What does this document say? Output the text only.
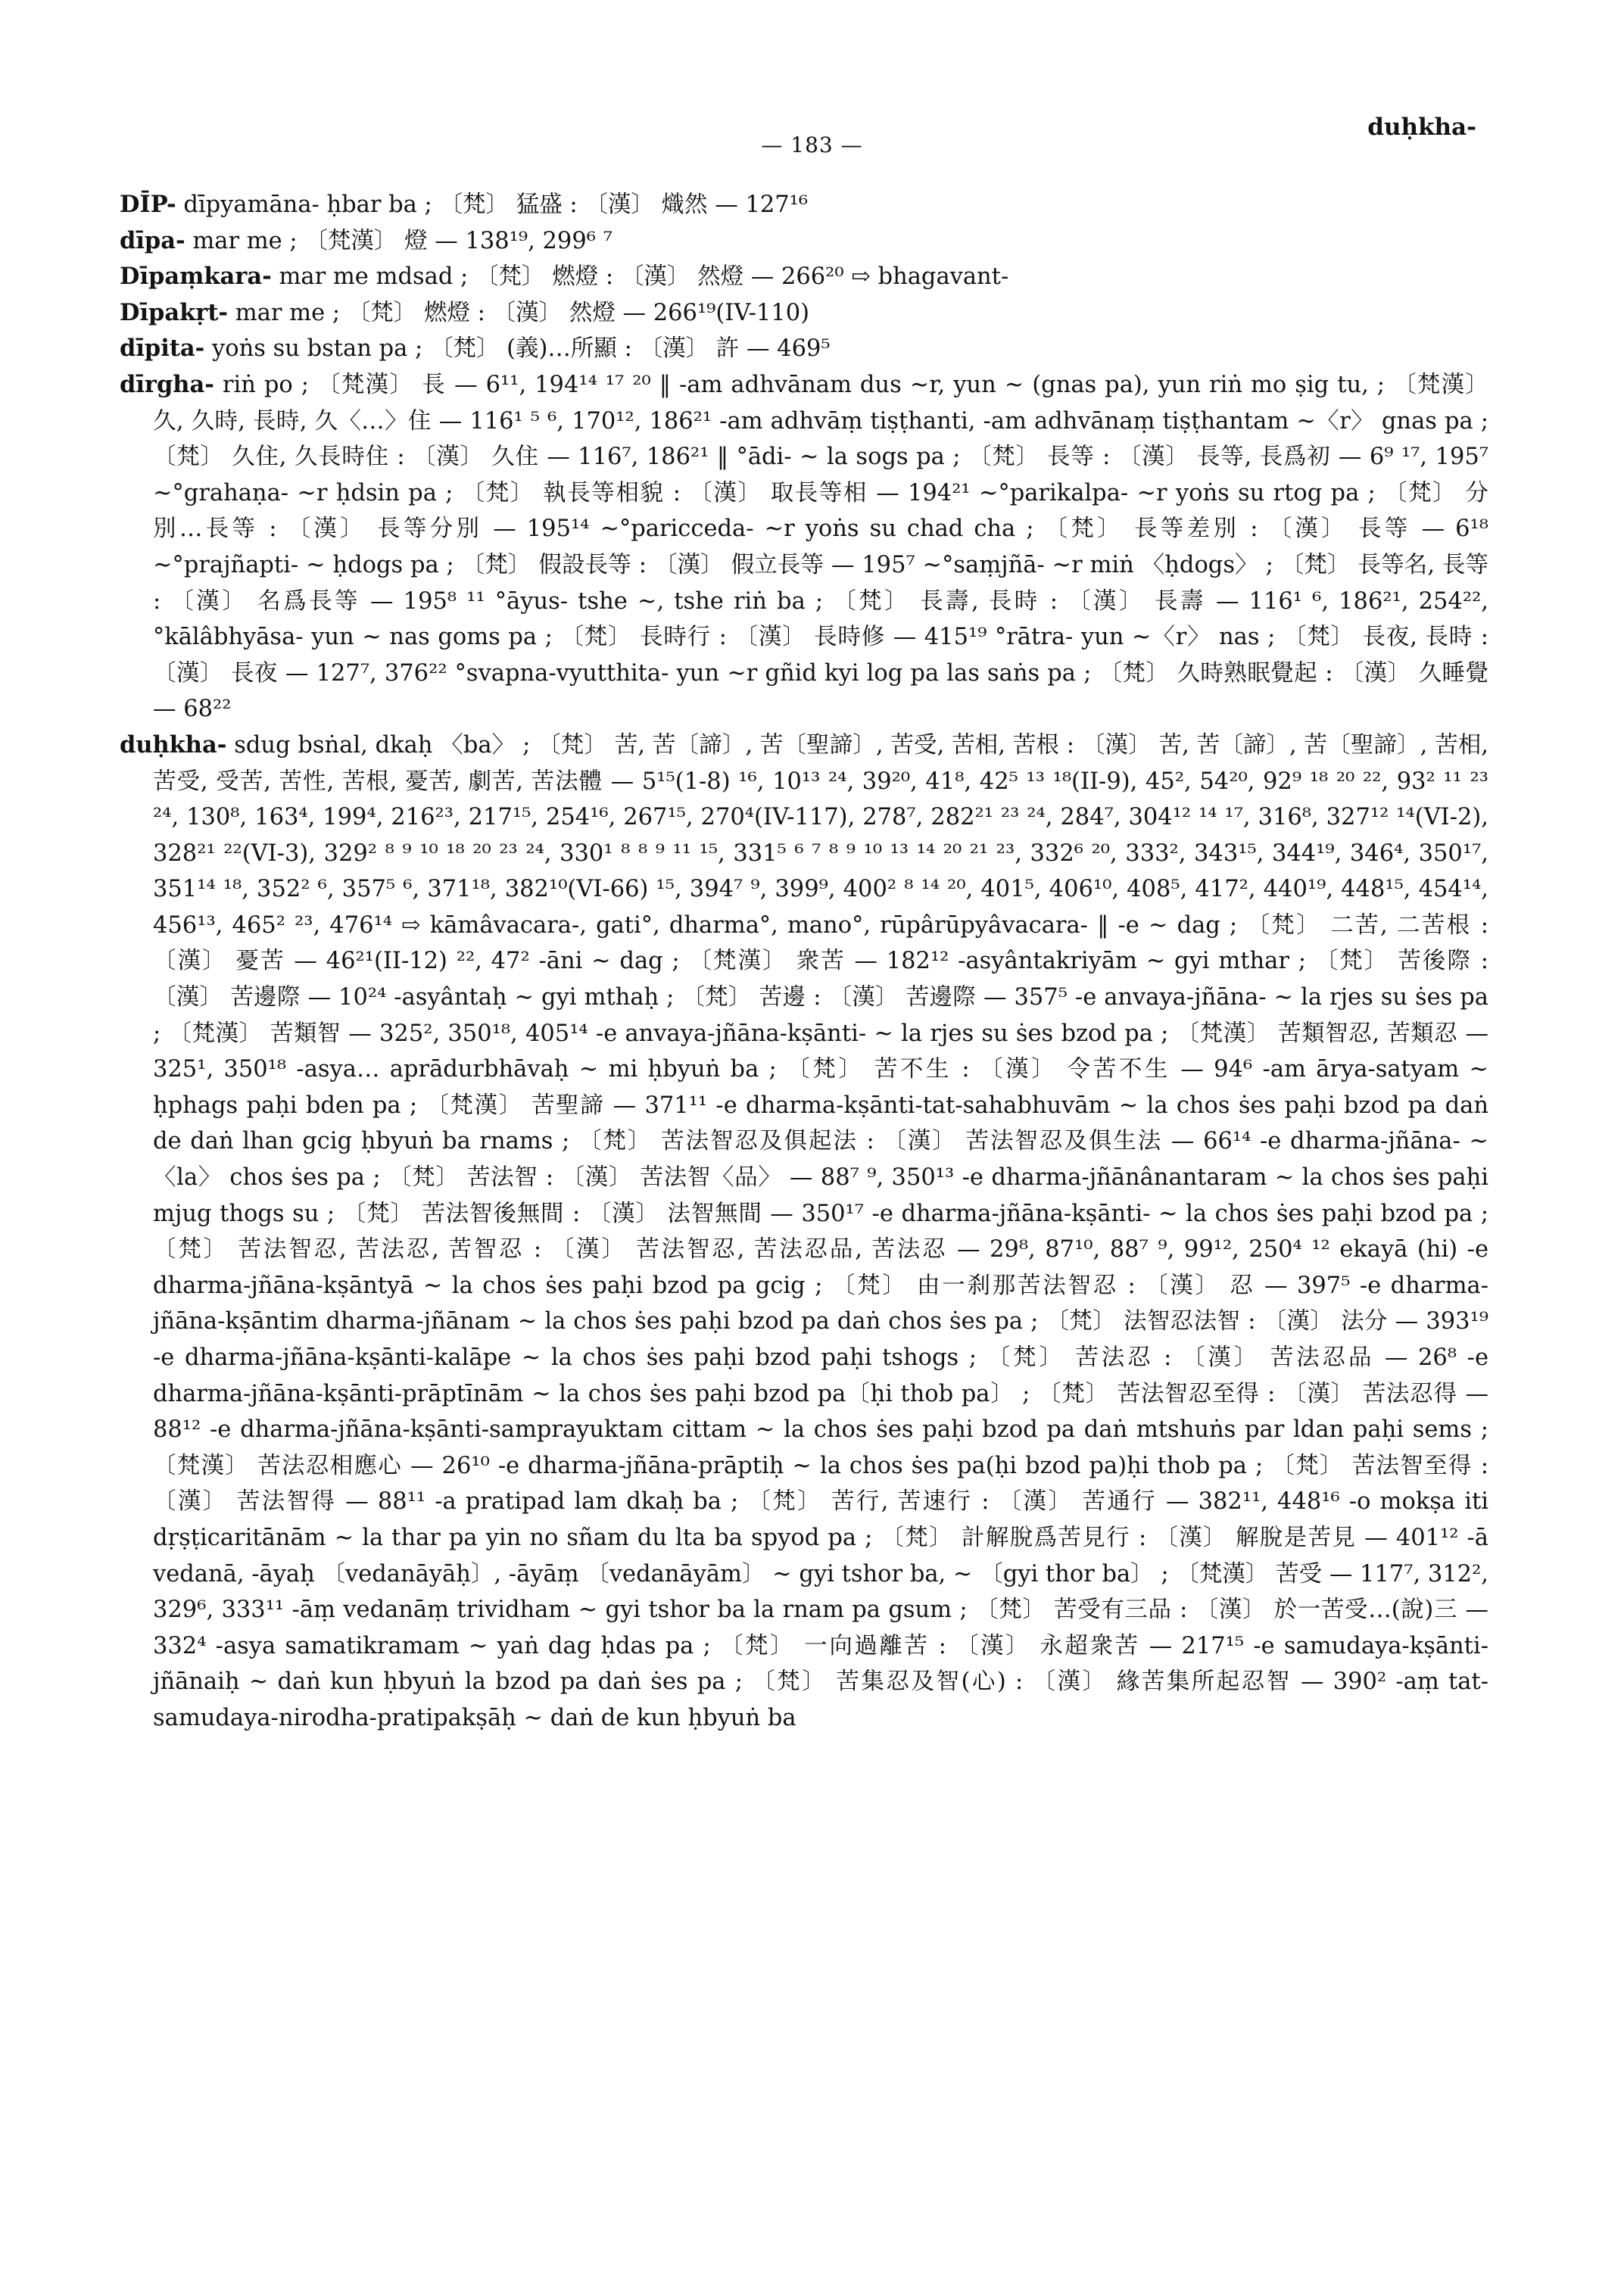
— 183 —
duḥkha-

DĪP- dīpyamāna- ḥbar ba ; 〔梵〕 猛盛 : 〔漢〕 熾然 — 127¹⁶

dīpa- mar me ; 〔梵漢〕 燈 — 138¹⁹, 299⁶ ⁷

Dīpaṃkara- mar me mdsad ; 〔梵〕 燃燈 : 〔漢〕 然燈 — 266²⁰ ⇨ bhagavant-

Dīpakṛt- mar me ; 〔梵〕 燃燈 : 〔漢〕 然燈 — 266¹⁹(IV-110)

dīpita- yoṅs su bstan pa ; 〔梵〕 (義)…所顯 : 〔漢〕 許 — 469⁵

dīrgha- riṅ po ; 〔梵漢〕 長 — 6¹¹, 194¹⁴ ¹⁷ ²⁰ ‖ -am adhvānam dus ~r, yun ~ (gnas pa), yun riṅ mo ṣig tu, ; 〔梵漢〕 久, 久時, 長時, 久〈…〉住 — 116¹ ⁵ ⁶, 170¹², 186²¹ -am adhvāṃ tiṣṭhanti, -am adhvānaṃ tiṣṭhantam ~〈r〉 gnas pa ; 〔梵〕 久住, 久長時住 : 〔漢〕 久住 — 116⁷, 186²¹ ‖ °ādi- ~ la sogs pa ; 〔梵〕 長等 : 〔漢〕 長等, 長爲初 — 6⁹ ¹⁷, 195⁷ ~°grahaṇa- ~r ḥdsin pa ; 〔梵〕 執長等相貌 : 〔漢〕 取長等相 — 194²¹ ~°parikalpa- ~r yoṅs su rtog pa ; 〔梵〕 分別…長等 : 〔漢〕 長等分別 — 195¹⁴ ~°paricceda- ~r yoṅs su chad cha ; 〔梵〕 長等差別 : 〔漢〕 長等 — 6¹⁸ ~°prajñapti- ~ ḥdogs pa ; 〔梵〕 假設長等 : 〔漢〕 假立長等 — 195⁷ ~°saṃjñā- ~r miṅ 〈ḥdogs〉 ; 〔梵〕 長等名, 長等 : 〔漢〕 名爲長等 — 195⁸ ¹¹ °āyus- tshe ~, tshe riṅ ba ; 〔梵〕 長壽, 長時 : 〔漢〕 長壽 — 116¹ ⁶, 186²¹, 254²², °kālâbhyāsa- yun ~ nas goms pa ; 〔梵〕 長時行 : 〔漢〕 長時修 — 415¹⁹ °rātra- yun ~〈r〉 nas ; 〔梵〕 長夜, 長時 : 〔漢〕 長夜 — 127⁷, 376²² °svapna-vyutthita- yun ~r gñid kyi log pa las saṅs pa ; 〔梵〕 久時熟眠覺起 : 〔漢〕 久睡覺 — 68²²

duḥkha- sdug bsṅal, dkaḥ 〈ba〉 ; 〔梵〕 苦, 苦〔諦〕, 苦〔聖諦〕, 苦受, 苦相, 苦根 : 〔漢〕 苦, 苦〔諦〕, 苦〔聖諦〕, 苦相, 苦受, 受苦, 苦性, 苦根, 憂苦, 劇苦, 苦法體 — 5¹⁵(1-8) ¹⁶, 10¹³ ²⁴, 39²⁰, 41⁸, 42⁵ ¹³ ¹⁸(II-9), 45², 54²⁰, 92⁹ ¹⁸ ²⁰ ²², 93² ¹¹ ²³ ²⁴, 130⁸, 163⁴, 199⁴, 216²³, 217¹⁵, 254¹⁶, 267¹⁵, 270⁴(IV-117), 278⁷, 282²¹ ²³ ²⁴, 284⁷, 304¹² ¹⁴ ¹⁷, 316⁸, 327¹² ¹⁴(VI-2), 328²¹ ²²(VI-3), 329² ⁸ ⁹ ¹⁰ ¹⁸ ²⁰ ²³ ²⁴, 330¹ ⁸ ⁸ ⁹ ¹¹ ¹⁵, 331⁵ ⁶ ⁷ ⁸ ⁹ ¹⁰ ¹³ ¹⁴ ²⁰ ²¹ ²³, 332⁶ ²⁰, 333², 343¹⁵, 344¹⁹, 346⁴, 350¹⁷, 351¹⁴ ¹⁸, 352² ⁶, 357⁵ ⁶, 371¹⁸, 382¹⁰(VI-66) ¹⁵, 394⁷ ⁹, 399⁹, 400² ⁸ ¹⁴ ²⁰, 401⁵, 406¹⁰, 408⁵, 417², 440¹⁹, 448¹⁵, 454¹⁴, 456¹³, 465² ²³, 476¹⁴ ⇨ kāmâvacara-, gati°, dharma°, mano°, rūpârūpyâvacara- ‖ -e ~ dag ; 〔梵〕 二苦, 二苦根 : 〔漢〕 憂苦 — 46²¹(II-12) ²², 47² -āni ~ dag ; 〔梵漢〕 衆苦 — 182¹² -asyântakriyām ~ gyi mthar ; 〔梵〕 苦後際 : 〔漢〕 苦邊際 — 10²⁴ -asyântaḥ ~ gyi mthaḥ ; 〔梵〕 苦邊 : 〔漢〕 苦邊際 — 357⁵ -e anvaya-jñāna- ~ la rjes su ṡes pa ; 〔梵漢〕 苦類智 — 325², 350¹⁸, 405¹⁴ -e anvaya-jñāna-kṣānti- ~ la rjes su ṡes bzod pa ; 〔梵漢〕 苦類智忍, 苦類忍 — 325¹, 350¹⁸ -asya… aprādurbhāvaḥ ~ mi ḥbyuṅ ba ; 〔梵〕 苦不生 : 〔漢〕 令苦不生 — 94⁶ -am ārya-satyam ~ ḥphags paḥi bden pa ; 〔梵漢〕 苦聖諦 — 371¹¹ -e dharma-kṣānti-tat-sahabhuvām ~ la chos ṡes paḥi bzod pa daṅ de daṅ lhan gcig ḥbyuṅ ba rnams ; 〔梵〕 苦法智忍及俱起法 : 〔漢〕 苦法智忍及俱生法 — 66¹⁴ -e dharma-jñāna- ~ 〈la〉 chos ṡes pa ; 〔梵〕 苦法智 : 〔漢〕 苦法智〈品〉 — 88⁷ ⁹, 350¹³ -e dharma-jñānânantaram ~ la chos ṡes paḥi mjug thogs su ; 〔梵〕 苦法智後無間 : 〔漢〕 法智無間 — 350¹⁷ -e dharma-jñāna-kṣānti- ~ la chos ṡes paḥi bzod pa ; 〔梵〕 苦法智忍, 苦法忍, 苦智忍 : 〔漢〕 苦法智忍, 苦法忍品, 苦法忍 — 29⁸, 87¹⁰, 88⁷ ⁹, 99¹², 250⁴ ¹² ekayā (hi) -e dharma-jñāna-kṣāntyā ~ la chos ṡes paḥi bzod pa gcig ; 〔梵〕 由一刹那苦法智忍 : 〔漢〕 忍 — 397⁵ -e dharma-jñāna-kṣāntim dharma-jñānam ~ la chos ṡes paḥi bzod pa daṅ chos ṡes pa ; 〔梵〕 法智忍法智 : 〔漢〕 法分 — 393¹⁹ -e dharma-jñāna-kṣānti-kalāpe ~ la chos ṡes paḥi bzod paḥi tshogs ; 〔梵〕 苦法忍 : 〔漢〕 苦法忍品 — 26⁸ -e dharma-jñāna-kṣānti-prāptīnām ~ la chos ṡes paḥi bzod pa〔ḥi thob pa〕 ; 〔梵〕 苦法智忍至得 : 〔漢〕 苦法忍得 — 88¹² -e dharma-jñāna-kṣānti-samprayuktam cittam ~ la chos ṡes paḥi bzod pa daṅ mtshuṅs par ldan paḥi sems ; 〔梵漢〕 苦法忍相應心 — 26¹⁰ -e dharma-jñāna-prāptiḥ ~ la chos ṡes pa(ḥi bzod pa)ḥi thob pa ; 〔梵〕 苦法智至得 : 〔漢〕 苦法智得 — 88¹¹ -a pratipad lam dkaḥ ba ; 〔梵〕 苦行, 苦速行 : 〔漢〕 苦通行 — 382¹¹, 448¹⁶ -o mokṣa iti dṛṣṭicaritānām ~ la thar pa yin no sñam du lta ba spyod pa ; 〔梵〕 計解脫爲苦見行 : 〔漢〕 解脫是苦見 — 401¹² -ā vedanā, -āyaḥ 〔vedanāyāḥ〕, -āyāṃ 〔vedanāyām〕 ~ gyi tshor ba, ~ 〔gyi thor ba〕 ; 〔梵漢〕 苦受 — 117⁷, 312², 329⁶, 333¹¹ -āṃ vedanāṃ trividham ~ gyi tshor ba la rnam pa gsum ; 〔梵〕 苦受有三品 : 〔漢〕 於一苦受…(說)三 — 332⁴ -asya samatikramam ~ yaṅ dag ḥdas pa ; 〔梵〕 一向過離苦 : 〔漢〕 永超衆苦 — 217¹⁵ -e samudaya-kṣānti-jñānaiḥ ~ daṅ kun ḥbyuṅ la bzod pa daṅ ṡes pa ; 〔梵〕 苦集忍及智(心) : 〔漢〕 緣苦集所起忍智 — 390² -aṃ tat-samudaya-nirodha-pratipakṣāḥ ~ daṅ de kun ḥbyuṅ ba
